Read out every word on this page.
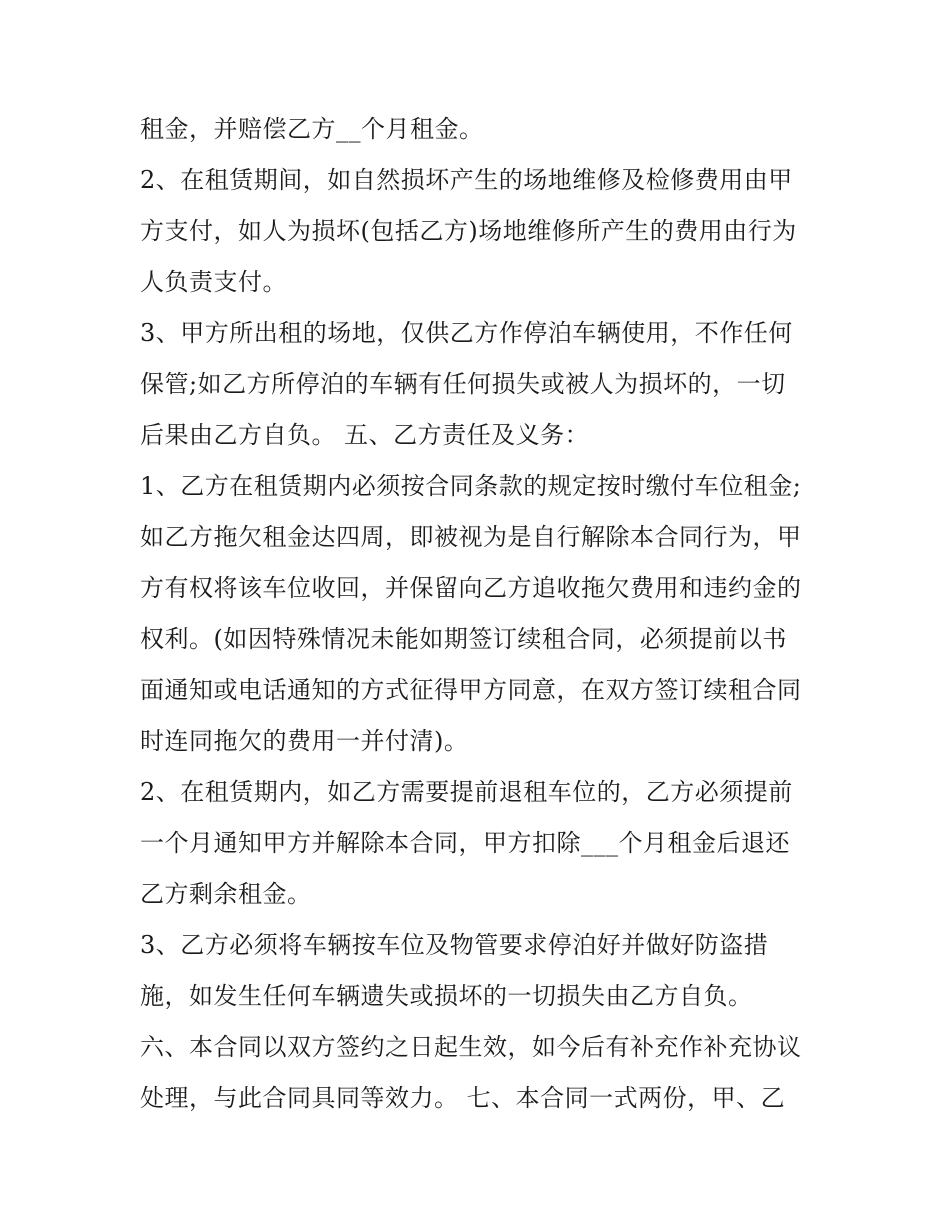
租金，并赔偿乙方__个月租金。
2、在租赁期间，如自然损坏产生的场地维修及检修费用由甲
方支付，如人为损坏(包括乙方)场地维修所产生的费用由行为
人负责支付。
3、甲方所出租的场地，仅供乙方作停泊车辆使用，不作任何
保管;如乙方所停泊的车辆有任何损失或被人为损坏的，一切
后果由乙方自负。 五、乙方责任及义务：
1、乙方在租赁期内必须按合同条款的规定按时缴付车位租金;
如乙方拖欠租金达四周，即被视为是自行解除本合同行为，甲
方有权将该车位收回，并保留向乙方追收拖欠费用和违约金的
权利。(如因特殊情况未能如期签订续租合同，必须提前以书
面通知或电话通知的方式征得甲方同意，在双方签订续租合同
时连同拖欠的费用一并付清)。
2、在租赁期内，如乙方需要提前退租车位的，乙方必须提前
一个月通知甲方并解除本合同，甲方扣除___个月租金后退还
乙方剩余租金。
3、乙方必须将车辆按车位及物管要求停泊好并做好防盗措
施，如发生任何车辆遗失或损坏的一切损失由乙方自负。
六、本合同以双方签约之日起生效，如今后有补充作补充协议
处理，与此合同具同等效力。 七、本合同一式两份，甲、乙
